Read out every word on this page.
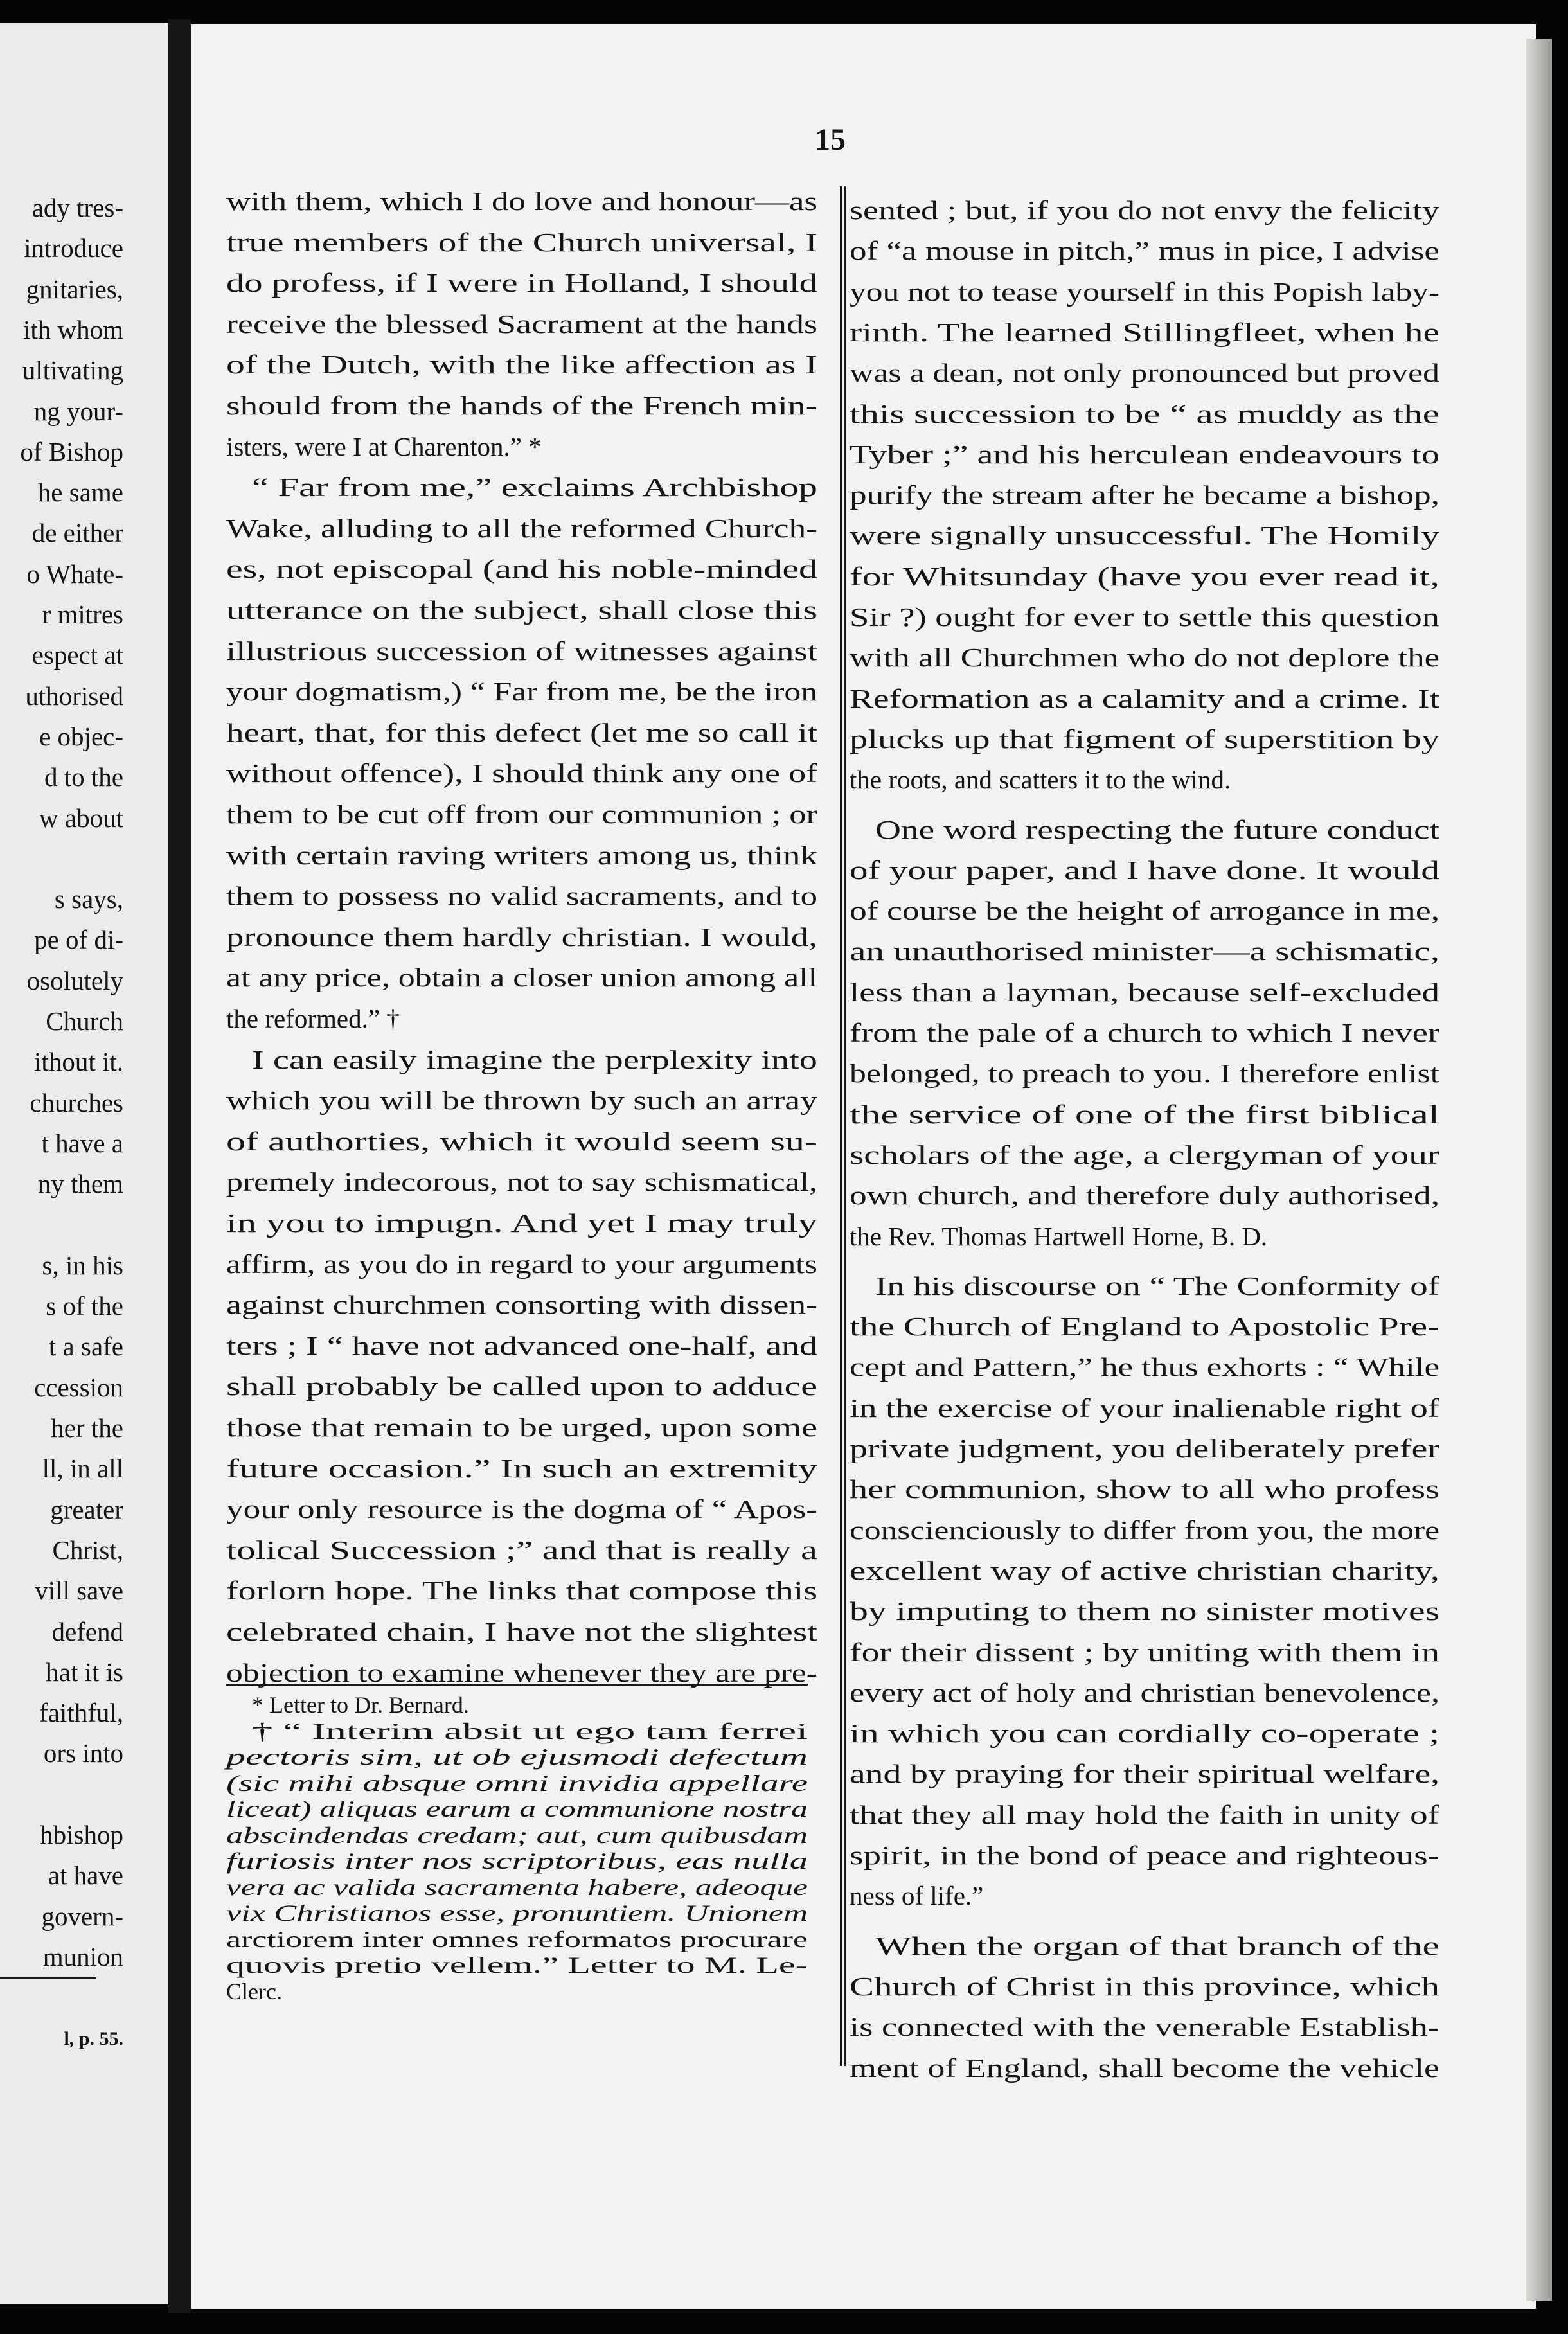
15
ady tres-
introduce
gnitaries,
ith whom
ultivating
ng your-
of Bishop
he same
de either
o Whate-
r mitres
espect at
uthorised
e objec-
d to the
w about
s says,
pe of di-
osolutely
Church
ithout it.
churches
t have a
ny them
s, in his
s of the
t a safe
ccession
her the
ll, in all
greater
Christ,
vill save
defend
hat it is
faithful,
ors into
hbishop
at have
govern-
munion
l, p. 55.
with them, which I do love and honour—as
true members of the Church universal, I
do profess, if I were in Holland, I should
receive the blessed Sacrament at the hands
of the Dutch, with the like affection as I
should from the hands of the French min-
isters, were I at Charenton.” *
“ Far from me,” exclaims Archbishop
Wake, alluding to all the reformed Church-
es, not episcopal (and his noble-minded
utterance on the subject, shall close this
illustrious succession of witnesses against
your dogmatism,) “ Far from me, be the iron
heart, that, for this defect (let me so call it
without offence), I should think any one of
them to be cut off from our communion ; or
with certain raving writers among us, think
them to possess no valid sacraments, and to
pronounce them hardly christian. I would,
at any price, obtain a closer union among all
the reformed.” †
I can easily imagine the perplexity into
which you will be thrown by such an array
of authorties, which it would seem su-
premely indecorous, not to say schismatical,
in you to impugn. And yet I may truly
affirm, as you do in regard to your arguments
against churchmen consorting with dissen-
ters ; I “ have not advanced one-half, and
shall probably be called upon to adduce
those that remain to be urged, upon some
future occasion.” In such an extremity
your only resource is the dogma of “ Apos-
tolical Succession ;” and that is really a
forlorn hope. The links that compose this
celebrated chain, I have not the slightest
objection to examine whenever they are pre-
* Letter to Dr. Bernard.
† “ Interim absit ut ego tam ferrei
pectoris sim, ut ob ejusmodi defectum
(sic mihi absque omni invidia appellare
liceat) aliquas earum a communione nostra
abscindendas credam; aut, cum quibusdam
furiosis inter nos scriptoribus, eas nulla
vera ac valida sacramenta habere, adeoque
vix Christianos esse, pronuntiem. Unionem
arctiorem inter omnes reformatos procurare
quovis pretio vellem.” Letter to M. Le-
Clerc.
sented ; but, if you do not envy the felicity
of “a mouse in pitch,” mus in pice, I advise
you not to tease yourself in this Popish laby-
rinth. The learned Stillingfleet, when he
was a dean, not only pronounced but proved
this succession to be “ as muddy as the
Tyber ;” and his herculean endeavours to
purify the stream after he became a bishop,
were signally unsuccessful. The Homily
for Whitsunday (have you ever read it,
Sir ?) ought for ever to settle this question
with all Churchmen who do not deplore the
Reformation as a calamity and a crime. It
plucks up that figment of superstition by
the roots, and scatters it to the wind.
One word respecting the future conduct
of your paper, and I have done. It would
of course be the height of arrogance in me,
an unauthorised minister—a schismatic,
less than a layman, because self-excluded
from the pale of a church to which I never
belonged, to preach to you. I therefore enlist
the service of one of the first biblical
scholars of the age, a clergyman of your
own church, and therefore duly authorised,
the Rev. Thomas Hartwell Horne, B. D.
In his discourse on “ The Conformity of
the Church of England to Apostolic Pre-
cept and Pattern,” he thus exhorts : “ While
in the exercise of your inalienable right of
private judgment, you deliberately prefer
her communion, show to all who profess
conscienciously to differ from you, the more
excellent way of active christian charity,
by imputing to them no sinister motives
for their dissent ; by uniting with them in
every act of holy and christian benevolence,
in which you can cordially co-operate ;
and by praying for their spiritual welfare,
that they all may hold the faith in unity of
spirit, in the bond of peace and righteous-
ness of life.”
When the organ of that branch of the
Church of Christ in this province, which
is connected with the venerable Establish-
ment of England, shall become the vehicle
